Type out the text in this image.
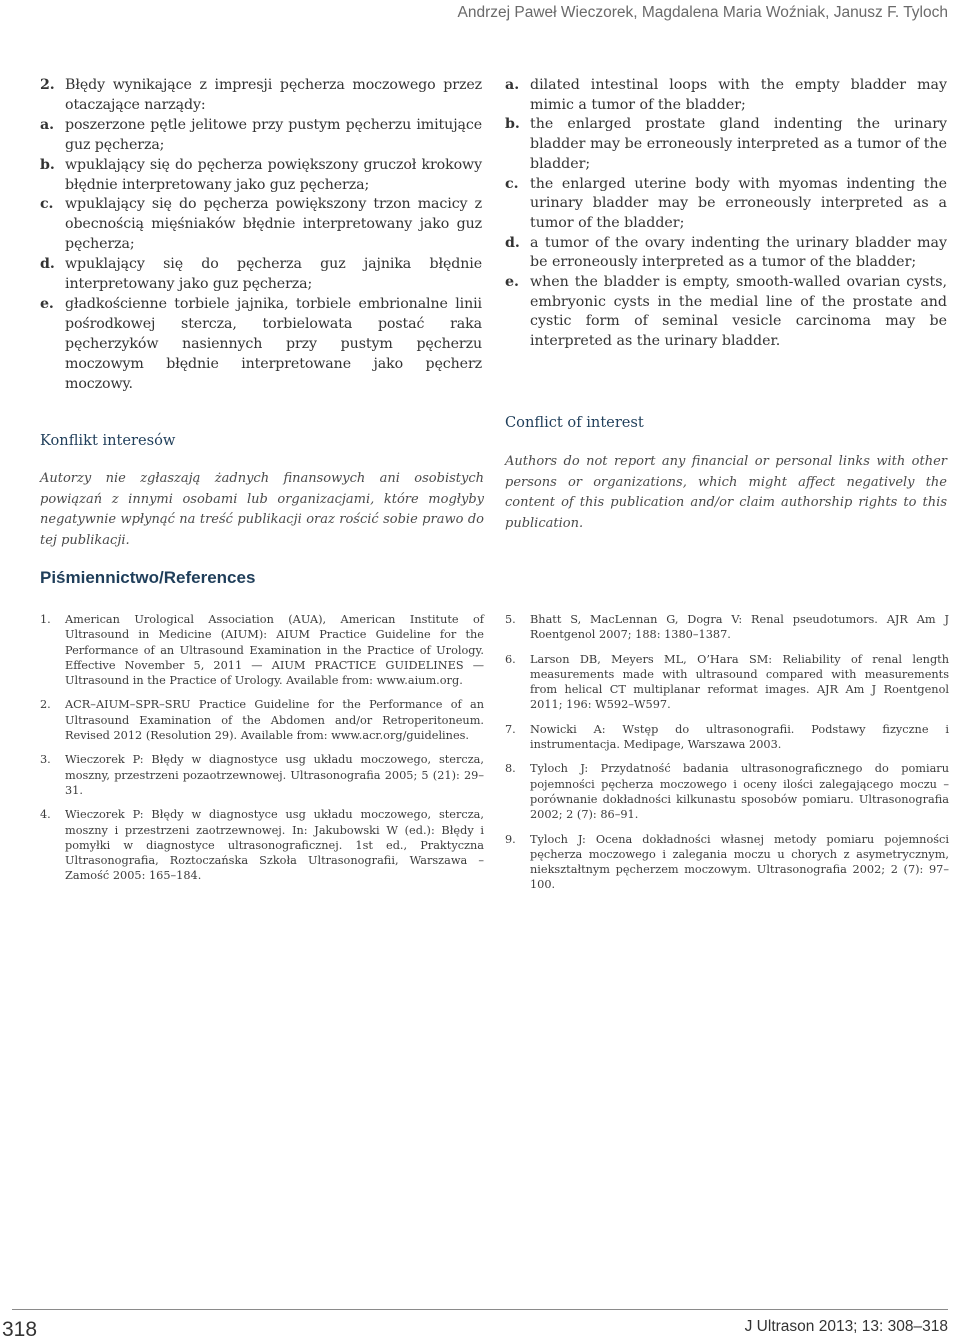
Andrzej Paweł Wieczorek, Magdalena Maria Woźniak, Janusz F. Tyloch
2. Błędy wynikające z impresji pęcherza moczowego przez otaczające narządy:
a. poszerzone pętle jelitowe przy pustym pęcherzu imitujące guz pęcherza;
b. wpuklający się do pęcherza powiększony gruczoł krokowy błędnie interpretowany jako guz pęcherza;
c. wpuklający się do pęcherza powiększony trzon macicy z obecnością mięśniaków błędnie interpretowany jako guz pęcherza;
d. wpuklający się do pęcherza guz jajnika błędnie interpretowany jako guz pęcherza;
e. gładkościenne torbiele jajnika, torbiele embrionalne linii pośrodkowej stercza, torbielowata postać raka pęcherzyków nasiennych przy pustym pęcherzu moczowym błędnie interpretowane jako pęcherz moczowy.
a. dilated intestinal loops with the empty bladder may mimic a tumor of the bladder;
b. the enlarged prostate gland indenting the urinary bladder may be erroneously interpreted as a tumor of the bladder;
c. the enlarged uterine body with myomas indenting the urinary bladder may be erroneously interpreted as a tumor of the bladder;
d. a tumor of the ovary indenting the urinary bladder may be erroneously interpreted as a tumor of the bladder;
e. when the bladder is empty, smooth-walled ovarian cysts, embryonic cysts in the medial line of the prostate and cystic form of seminal vesicle carcinoma may be interpreted as the urinary bladder.
Konflikt interesów
Autorzy nie zgłaszają żadnych finansowych ani osobistych powiązań z innymi osobami lub organizacjami, które mogłyby negatywnie wpłynąć na treść publikacji oraz rościć sobie prawo do tej publikacji.
Conflict of interest
Authors do not report any financial or personal links with other persons or organizations, which might affect negatively the content of this publication and/or claim authorship rights to this publication.
Piśmiennictwo/References
1.	American Urological Association (AUA), American Institute of Ultrasound in Medicine (AIUM): AIUM Practice Guideline for the Performance of an Ultrasound Examination in the Practice of Urology. Effective November 5, 2011 — AIUM PRACTICE GUIDELINES — Ultrasound in the Practice of Urology. Available from: www.aium.org.
2.	ACR–AIUM–SPR–SRU Practice Guideline for the Performance of an Ultrasound Examination of the Abdomen and/or Retroperitoneum. Revised 2012 (Resolution 29). Available from: www.acr.org/guidelines.
3.	Wieczorek P: Błędy w diagnostyce usg układu moczowego, stercza, moszny, przestrzeni pozaotrzewnowej. Ultrasonografia 2005; 5 (21): 29–31.
4.	Wieczorek P: Błędy w diagnostyce usg układu moczowego, stercza, moszny i przestrzeni zaotrzewnowej. In: Jakubowski W (ed.): Błędy i pomyłki w diagnostyce ultrasonograficznej. 1st ed., Praktyczna Ultrasonografia, Roztoczańska Szkoła Ultrasonografii, Warszawa – Zamość 2005: 165–184.
5.	Bhatt S, MacLennan G, Dogra V: Renal pseudotumors. AJR Am J Roentgenol 2007; 188: 1380–1387.
6.	Larson DB, Meyers ML, O’Hara SM: Reliability of renal length measurements made with ultrasound compared with measurements from helical CT multiplanar reformat images. AJR Am J Roentgenol 2011; 196: W592–W597.
7.	Nowicki A: Wstęp do ultrasonografii. Podstawy fizyczne i instrumentacja. Medipage, Warszawa 2003.
8.	Tyloch J: Przydatność badania ultrasonograficznego do pomiaru pojemności pęcherza moczowego i oceny ilości zalegającego moczu – porównanie dokładności kilkunastu sposobów pomiaru. Ultrasonografia 2002; 2 (7): 86–91.
9.	Tyloch J: Ocena dokładności własnej metody pomiaru pojemności pęcherza moczowego i zalegania moczu u chorych z asymetrycznym, niekształtnym pęcherzem moczowym. Ultrasonografia 2002; 2 (7): 97–100.
318	J Ultrason 2013; 13: 308–318
